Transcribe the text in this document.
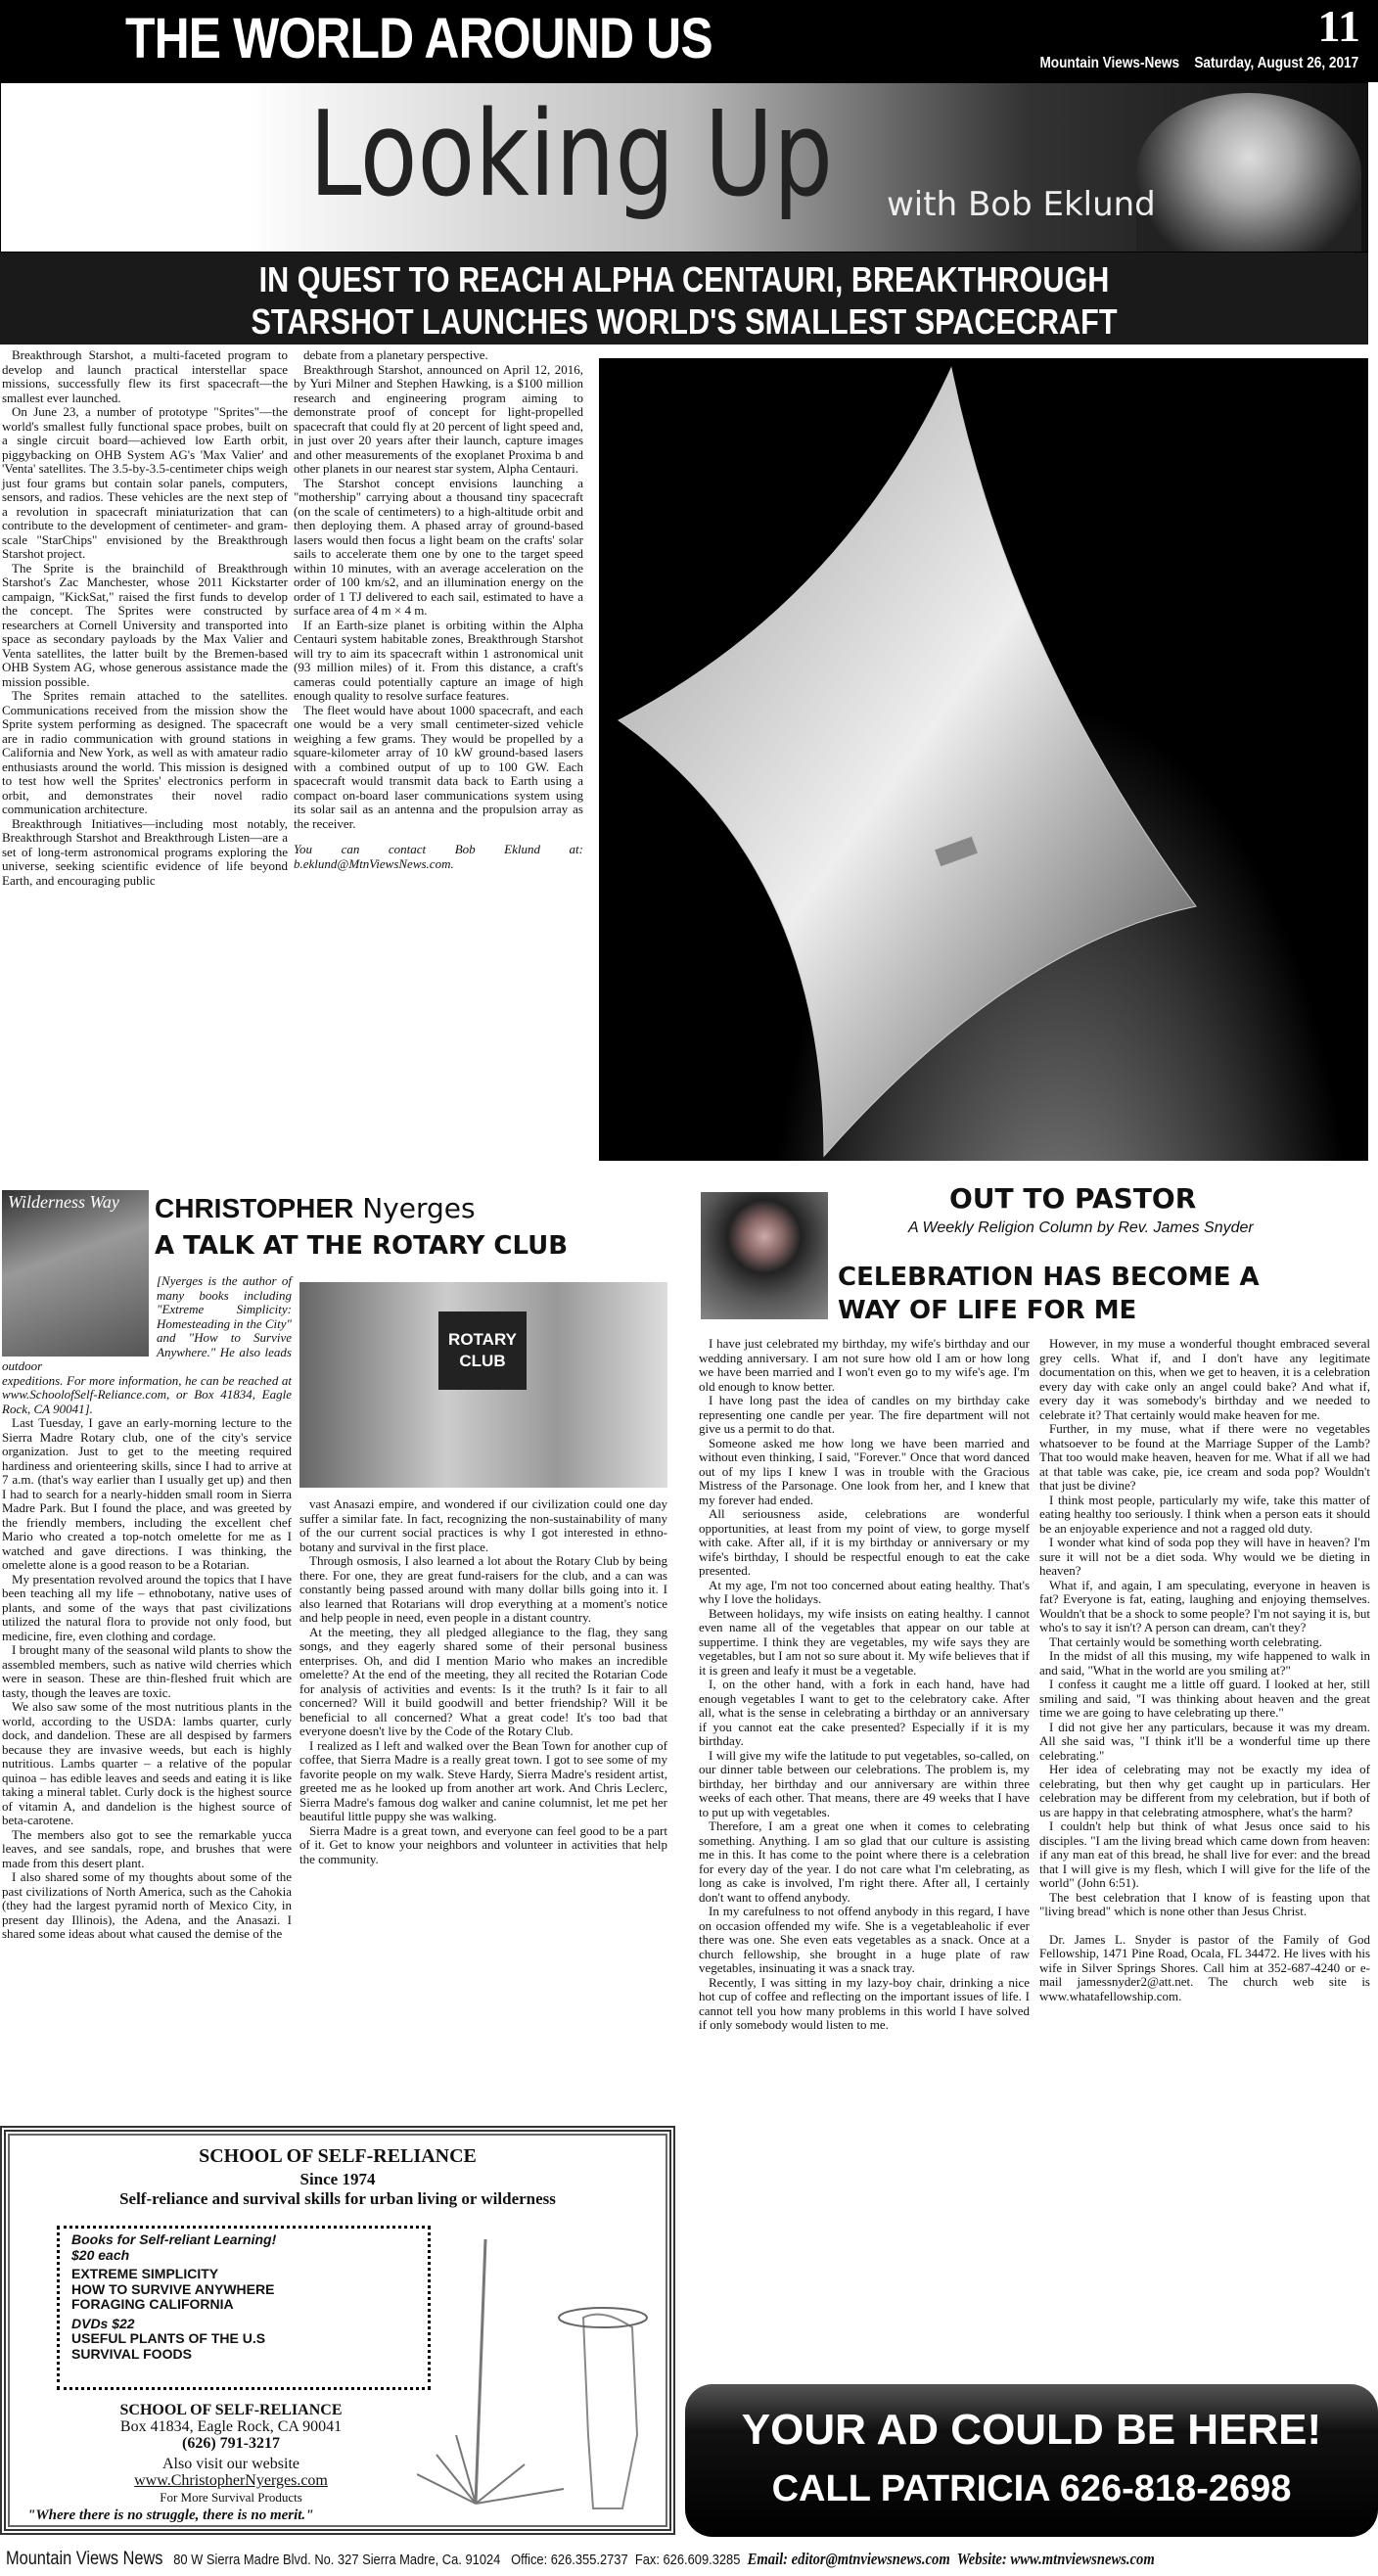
THE WORLD AROUND US	11
Mountain Views-News Saturday, August 26, 2017
Looking Up with Bob Eklund
IN QUEST TO REACH ALPHA CENTAURI, BREAKTHROUGH
STARSHOT LAUNCHES WORLD'S SMALLEST SPACECRAFT

Breakthrough Starshot, a multi-faceted program to develop and launch practical interstellar space missions, successfully flew its first spacecraft—the smallest ever launched.

On June 23, a number of prototype "Sprites"—the world's smallest fully functional space probes, built on a single circuit board—achieved low Earth orbit, piggybacking on OHB System AG's 'Max Valier' and 'Venta' satellites. The 3.5-by-3.5-centimeter chips weigh just four grams but contain solar panels, computers, sensors, and radios. These vehicles are the next step of a revolution in spacecraft miniaturization that can contribute to the development of centimeter- and gram-scale "StarChips" envisioned by the Breakthrough Starshot project.

The Sprite is the brainchild of Breakthrough Starshot's Zac Manchester, whose 2011 Kickstarter campaign, "KickSat," raised the first funds to develop the concept. The Sprites were constructed by researchers at Cornell University and transported into space as secondary payloads by the Max Valier and Venta satellites, the latter built by the Bremen-based OHB System AG, whose generous assistance made the mission possible.

The Sprites remain attached to the satellites. Communications received from the mission show the Sprite system performing as designed. The spacecraft are in radio communication with ground stations in California and New York, as well as with amateur radio enthusiasts around the world. This mission is designed to test how well the Sprites' electronics perform in orbit, and demonstrates their novel radio communication architecture.

Breakthrough Initiatives—including most notably, Breakthrough Starshot and Breakthrough Listen—are a set of long-term astronomical programs exploring the universe, seeking scientific evidence of life beyond Earth, and encouraging public

debate from a planetary perspective.

Breakthrough Starshot, announced on April 12, 2016, by Yuri Milner and Stephen Hawking, is a $100 million research and engineering program aiming to demonstrate proof of concept for light-propelled spacecraft that could fly at 20 percent of light speed and, in just over 20 years after their launch, capture images and other measurements of the exoplanet Proxima b and other planets in our nearest star system, Alpha Centauri.

The Starshot concept envisions launching a "mothership" carrying about a thousand tiny spacecraft (on the scale of centimeters) to a high-altitude orbit and then deploying them. A phased array of ground-based lasers would then focus a light beam on the crafts' solar sails to accelerate them one by one to the target speed within 10 minutes, with an average acceleration on the order of 100 km/s2, and an illumination energy on the order of 1 TJ delivered to each sail, estimated to have a surface area of 4 m × 4 m.

If an Earth-size planet is orbiting within the Alpha Centauri system habitable zones, Breakthrough Starshot will try to aim its spacecraft within 1 astronomical unit (93 million miles) of it. From this distance, a craft's cameras could potentially capture an image of high enough quality to resolve surface features.

The fleet would have about 1000 spacecraft, and each one would be a very small centimeter-sized vehicle weighing a few grams. They would be propelled by a square-kilometer array of 10 kW ground-based lasers with a combined output of up to 100 GW. Each spacecraft would transmit data back to Earth using a compact on-board laser communications system using its solar sail as an antenna and the propulsion array as the receiver.

You can contact Bob Eklund at: b.eklund@MtnViewsNews.com.
Wilderness Way
[Nyerges is the author of many books including "Extreme Simplicity: Homesteading in the City" and "How to Survive Anywhere." He also leads outdoor
expeditions. For more information, he can be reached at www.SchoolofSelf-Reliance.com, or Box 41834, Eagle Rock, CA 90041].

Last Tuesday, I gave an early-morning lecture to the Sierra Madre Rotary club, one of the city's service organization. Just to get to the meeting required hardiness and orienteering skills, since I had to arrive at 7 a.m. (that's way earlier than I usually get up) and then I had to search for a nearly-hidden small room in Sierra Madre Park. But I found the place, and was greeted by the friendly members, including the excellent chef Mario who created a top-notch omelette for me as I watched and gave directions. I was thinking, the omelette alone is a good reason to be a Rotarian.

My presentation revolved around the topics that I have been teaching all my life – ethnobotany, native uses of plants, and some of the ways that past civilizations utilized the natural flora to provide not only food, but medicine, fire, even clothing and cordage.

I brought many of the seasonal wild plants to show the assembled members, such as native wild cherries which were in season. These are thin-fleshed fruit which are tasty, though the leaves are toxic.

We also saw some of the most nutritious plants in the world, according to the USDA: lambs quarter, curly dock, and dandelion. These are all despised by farmers because they are invasive weeds, but each is highly nutritious. Lambs quarter – a relative of the popular quinoa – has edible leaves and seeds and eating it is like taking a mineral tablet. Curly dock is the highest source of vitamin A, and dandelion is the highest source of beta-carotene.

The members also got to see the remarkable yucca leaves, and see sandals, rope, and brushes that were made from this desert plant.

I also shared some of my thoughts about some of the past civilizations of North America, such as the Cahokia (they had the largest pyramid north of Mexico City, in present day Illinois), the Adena, and the Anasazi. I shared some ideas about what caused the demise of the

CHRISTOPHER Nyerges
A TALK AT THE ROTARY CLUB
ROTARY CLUB

vast Anasazi empire, and wondered if our civilization could one day suffer a similar fate. In fact, recognizing the non-sustainability of many of the our current social practices is why I got interested in ethno-botany and survival in the first place.

Through osmosis, I also learned a lot about the Rotary Club by being there. For one, they are great fund-raisers for the club, and a can was constantly being passed around with many dollar bills going into it. I also learned that Rotarians will drop everything at a moment's notice and help people in need, even people in a distant country.

At the meeting, they all pledged allegiance to the flag, they sang songs, and they eagerly shared some of their personal business enterprises. Oh, and did I mention Mario who makes an incredible omelette? At the end of the meeting, they all recited the Rotarian Code for analysis of activities and events: Is it the truth? Is it fair to all concerned? Will it build goodwill and better friendship? Will it be beneficial to all concerned? What a great code! It's too bad that everyone doesn't live by the Code of the Rotary Club.

I realized as I left and walked over the Bean Town for another cup of coffee, that Sierra Madre is a really great town. I got to see some of my favorite people on my walk. Steve Hardy, Sierra Madre's resident artist, greeted me as he looked up from another art work. And Chris Leclerc, Sierra Madre's famous dog walker and canine columnist, let me pet her beautiful little puppy she was walking.

Sierra Madre is a great town, and everyone can feel good to be a part of it. Get to know your neighbors and volunteer in activities that help the community.

OUT TO PASTOR
A Weekly Religion Column by Rev. James Snyder
CELEBRATION HAS BECOME A
WAY OF LIFE FOR ME

I have just celebrated my birthday, my wife's birthday and our wedding anniversary. I am not sure how old I am or how long we have been married and I won't even go to my wife's age. I'm old enough to know better.

I have long past the idea of candles on my birthday cake representing one candle per year. The fire department will not give us a permit to do that.

Someone asked me how long we have been married and without even thinking, I said, "Forever." Once that word danced out of my lips I knew I was in trouble with the Gracious Mistress of the Parsonage. One look from her, and I knew that my forever had ended.

All seriousness aside, celebrations are wonderful opportunities, at least from my point of view, to gorge myself with cake. After all, if it is my birthday or anniversary or my wife's birthday, I should be respectful enough to eat the cake presented.

At my age, I'm not too concerned about eating healthy. That's why I love the holidays.

Between holidays, my wife insists on eating healthy. I cannot even name all of the vegetables that appear on our table at suppertime. I think they are vegetables, my wife says they are vegetables, but I am not so sure about it. My wife believes that if it is green and leafy it must be a vegetable.

I, on the other hand, with a fork in each hand, have had enough vegetables I want to get to the celebratory cake. After all, what is the sense in celebrating a birthday or an anniversary if you cannot eat the cake presented? Especially if it is my birthday.

I will give my wife the latitude to put vegetables, so-called, on our dinner table between our celebrations. The problem is, my birthday, her birthday and our anniversary are within three weeks of each other. That means, there are 49 weeks that I have to put up with vegetables.

Therefore, I am a great one when it comes to celebrating something. Anything. I am so glad that our culture is assisting me in this. It has come to the point where there is a celebration for every day of the year. I do not care what I'm celebrating, as long as cake is involved, I'm right there. After all, I certainly don't want to offend anybody.

In my carefulness to not offend anybody in this regard, I have on occasion offended my wife. She is a vegetableaholic if ever there was one. She even eats vegetables as a snack. Once at a church fellowship, she brought in a huge plate of raw vegetables, insinuating it was a snack tray.

Recently, I was sitting in my lazy-boy chair, drinking a nice hot cup of coffee and reflecting on the important issues of life. I cannot tell you how many problems in this world I have solved if only somebody would listen to me.

However, in my muse a wonderful thought embraced several grey cells. What if, and I don't have any legitimate documentation on this, when we get to heaven, it is a celebration every day with cake only an angel could bake? And what if, every day it was somebody's birthday and we needed to celebrate it? That certainly would make heaven for me.

Further, in my muse, what if there were no vegetables whatsoever to be found at the Marriage Supper of the Lamb? That too would make heaven, heaven for me. What if all we had at that table was cake, pie, ice cream and soda pop? Wouldn't that just be divine?

I think most people, particularly my wife, take this matter of eating healthy too seriously. I think when a person eats it should be an enjoyable experience and not a ragged old duty.

I wonder what kind of soda pop they will have in heaven? I'm sure it will not be a diet soda. Why would we be dieting in heaven?

What if, and again, I am speculating, everyone in heaven is fat? Everyone is fat, eating, laughing and enjoying themselves. Wouldn't that be a shock to some people? I'm not saying it is, but who's to say it isn't? A person can dream, can't they?

That certainly would be something worth celebrating.

In the midst of all this musing, my wife happened to walk in and said, "What in the world are you smiling at?"

I confess it caught me a little off guard. I looked at her, still smiling and said, "I was thinking about heaven and the great time we are going to have celebrating up there."

I did not give her any particulars, because it was my dream. All she said was, "I think it'll be a wonderful time up there celebrating."

Her idea of celebrating may not be exactly my idea of celebrating, but then why get caught up in particulars. Her celebration may be different from my celebration, but if both of us are happy in that celebrating atmosphere, what's the harm?

I couldn't help but think of what Jesus once said to his disciples. "I am the living bread which came down from heaven: if any man eat of this bread, he shall live for ever: and the bread that I will give is my flesh, which I will give for the life of the world" (John 6:51).

The best celebration that I know of is feasting upon that "living bread" which is none other than Jesus Christ.

Dr. James L. Snyder is pastor of the Family of God Fellowship, 1471 Pine Road, Ocala, FL 34472. He lives with his wife in Silver Springs Shores. Call him at 352-687-4240 or e-mail jamessnyder2@att.net. The church web site is www.whatafellowship.com.

SCHOOL OF SELF-RELIANCE
Since 1974
Self-reliance and survival skills for urban living or wilderness
Books for Self-reliant Learning!
$20 each
EXTREME SIMPLICITY
HOW TO SURVIVE ANYWHERE
FORAGING CALIFORNIA
DVDs $22
USEFUL PLANTS OF THE U.S
SURVIVAL FOODS
SCHOOL OF SELF-RELIANCE
Box 41834, Eagle Rock, CA 90041
(626) 791-3217
Also visit our website
www.ChristopherNyerges.com
For More Survival Products
"Where there is no struggle, there is no merit."
YOUR AD COULD BE HERE!
CALL PATRICIA 626-818-2698
Mountain Views News 80 W Sierra Madre Blvd. No. 327 Sierra Madre, Ca. 91024 Office: 626.355.2737 Fax: 626.609.3285 Email: editor@mtnviewsnews.com Website: www.mtnviewsnews.com
